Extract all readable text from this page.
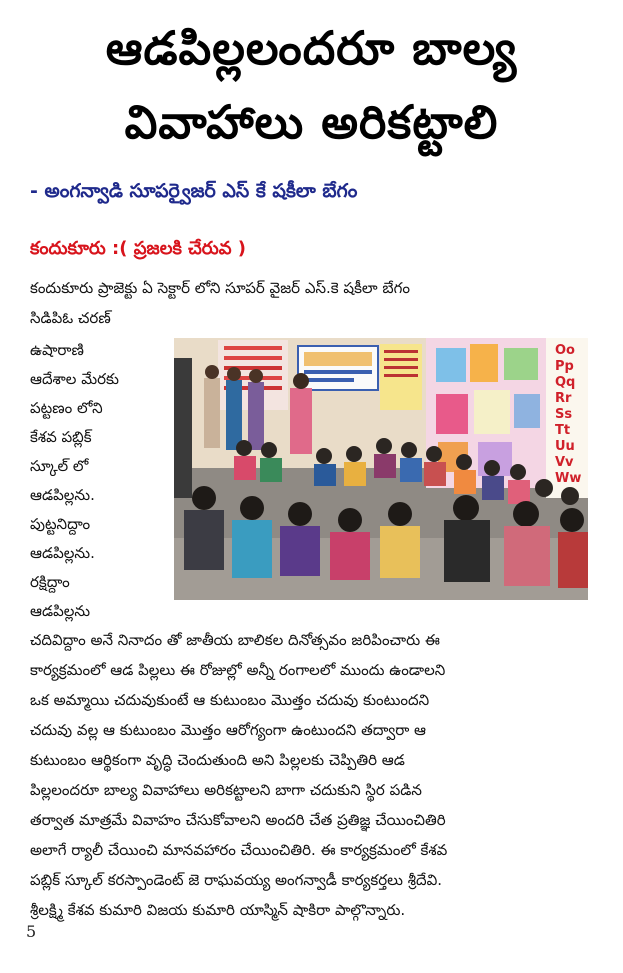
ఆడపిల్లలందరూ బాల్య
వివాహాలు అరికట్టాలి
- అంగన్వాడి సూపర్వైజర్ ఎస్ కే షకీలా బేగం
కందుకూరు :( ప్రజలకి చేరువ )
కందుకూరు ప్రాజెక్టు ఏ సెక్టార్ లోని సూపర్ వైజర్ ఎస్.కె షకీలా బేగం
సిడిపిఓ చరణ్
ఉషారాణి
ఆదేశాల మేరకు
పట్టణం లోని
కేశవ పబ్లిక్
స్కూల్ లో
ఆడపిల్లను.
పుట్టనిద్దాం
ఆడపిల్లను.
రక్షిద్దాం
ఆడపిల్లను
చదివిద్దాం అనే నినాదం తో జాతీయ బాలికల దినోత్సవం జరిపించారు ఈ
కార్యక్రమంలో ఆడ పిల్లలు ఈ రోజుల్లో అన్నీ రంగాలలో ముందు ఉండాలని
ఒక అమ్మాయి చదువుకుంటే ఆ కుటుంబం మొత్తం చదువు కుంటుందని
చదువు వల్ల ఆ కుటుంబం మొత్తం ఆరోగ్యంగా ఉంటుందని తద్వారా ఆ
కుటుంబం ఆర్థికంగా వృద్ధి చెందుతుంది అని పిల్లలకు చెప్పితిరి ఆడ
పిల్లలందరూ బాల్య వివాహాలు అరికట్టాలని బాగా చదుకుని స్థిర పడిన
తర్వాత మాత్రమే వివాహం చేసుకోవాలని అందరి చేత ప్రతిజ్ఞ చేయించితిరి
అలాగే ర్యాలీ చేయించి మానవహారం చేయించితిరి. ఈ కార్యక్రమంలో కేశవ
పబ్లిక్ స్కూల్ కరస్పాండెంట్ జె రాఘవయ్య అంగన్వాడీ కార్యకర్తలు శ్రీదేవి.
శ్రీలక్ష్మి కేశవ కుమారి విజయ కుమారి యాస్మిన్ షాకిరా పాల్గొన్నారు.
Oo
Pp
Qq
Rr
Ss
Tt
Uu
Vv
Ww
5
